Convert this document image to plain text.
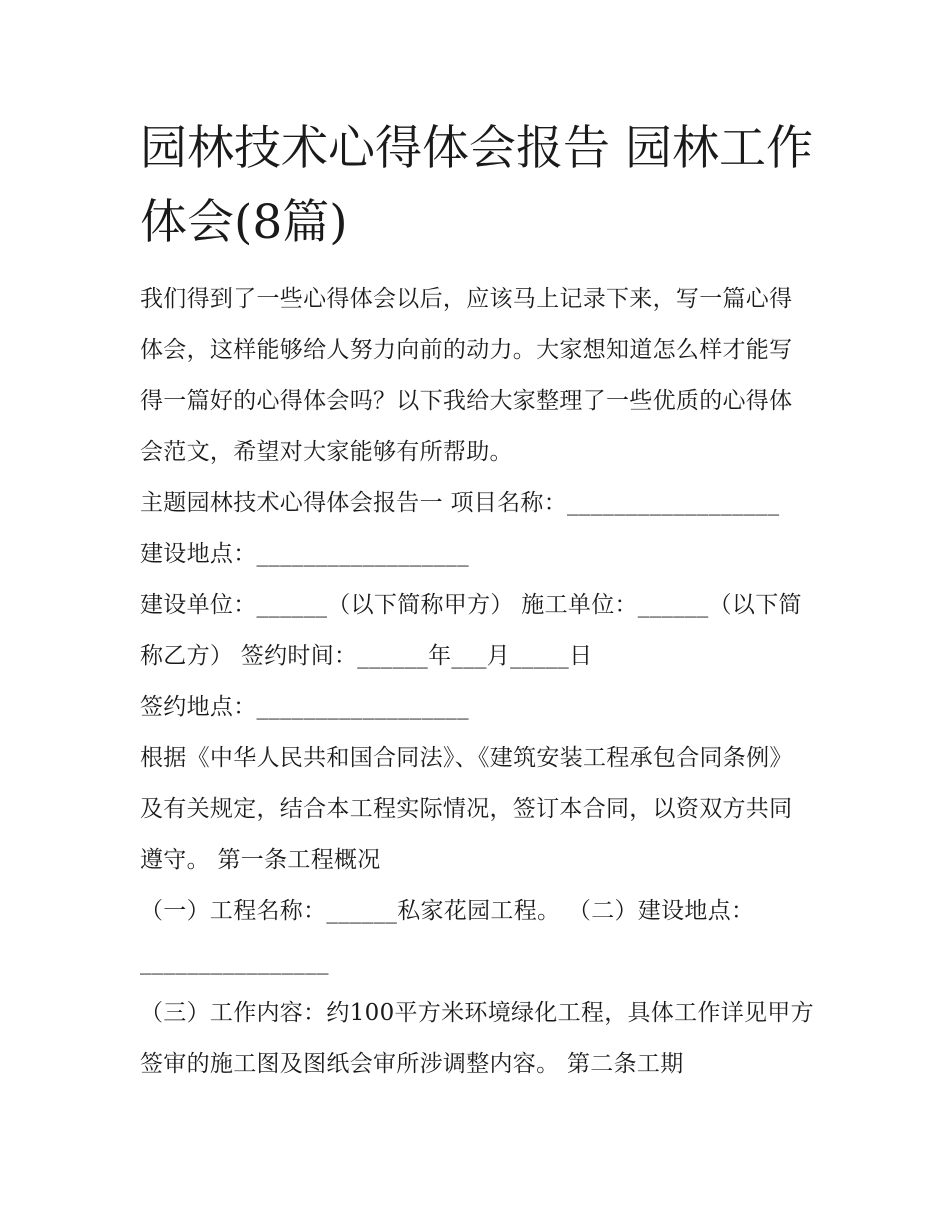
园林技术心得体会报告 园林工作体会(8篇)

我们得到了一些心得体会以后，应该马上记录下来，写一篇心得体会，这样能够给人努力向前的动力。大家想知道怎么样才能写得一篇好的心得体会吗？以下我给大家整理了一些优质的心得体会范文，希望对大家能够有所帮助。

主题园林技术心得体会报告一 项目名称：__________________

建设地点：__________________

建设单位：______（以下简称甲方） 施工单位：______（以下简称乙方） 签约时间：______年___月_____日

签约地点：__________________

根据《中华人民共和国合同法》、《建筑安装工程承包合同条例》及有关规定，结合本工程实际情况，签订本合同，以资双方共同遵守。 第一条工程概况

（一）工程名称：______私家花园工程。 （二）建设地点：________________

（三）工作内容：约100平方米环境绿化工程，具体工作详见甲方签审的施工图及图纸会审所涉调整内容。 第二条工期
